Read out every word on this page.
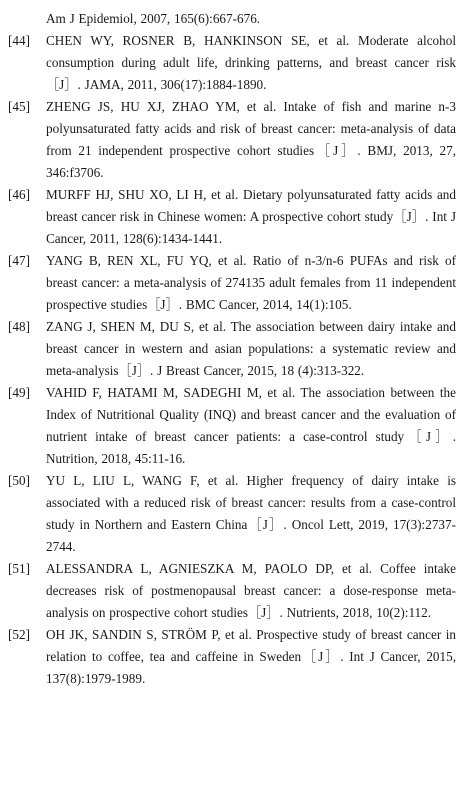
Am J Epidemiol, 2007, 165(6):667-676.
[44]	CHEN WY, ROSNER B, HANKINSON SE, et al. Moderate alcohol consumption during adult life, drinking patterns, and breast cancer risk［J］. JAMA, 2011, 306(17):1884-1890.
[45]	ZHENG JS, HU XJ, ZHAO YM, et al. Intake of fish and marine n-3 polyunsaturated fatty acids and risk of breast cancer: meta-analysis of data from 21 independent prospective cohort studies［J］. BMJ, 2013, 27, 346:f3706.
[46]	MURFF HJ, SHU XO, LI H, et al. Dietary polyunsaturated fatty acids and breast cancer risk in Chinese women: A prospective cohort study［J］. Int J Cancer, 2011, 128(6):1434-1441.
[47]	YANG B, REN XL, FU YQ, et al. Ratio of n-3/n-6 PUFAs and risk of breast cancer: a meta-analysis of 274135 adult females from 11 independent prospective studies［J］. BMC Cancer, 2014, 14(1):105.
[48]	ZANG J, SHEN M, DU S, et al. The association between dairy intake and breast cancer in western and asian populations: a systematic review and meta-analysis［J］. J Breast Cancer, 2015, 18 (4):313-322.
[49]	VAHID F, HATAMI M, SADEGHI M, et al. The association between the Index of Nutritional Quality (INQ) and breast cancer and the evaluation of nutrient intake of breast cancer patients: a case-control study［J］. Nutrition, 2018, 45:11-16.
[50]	YU L, LIU L, WANG F, et al. Higher frequency of dairy intake is associated with a reduced risk of breast cancer: results from a case-control study in Northern and Eastern China［J］. Oncol Lett, 2019, 17(3):2737-2744.
[51]	ALESSANDRA L, AGNIESZKA M, PAOLO DP, et al. Coffee intake decreases risk of postmenopausal breast cancer: a dose-response meta-analysis on prospective cohort studies［J］. Nutrients, 2018, 10(2):112.
[52]	OH JK, SANDIN S, STRÖM P, et al. Prospective study of breast cancer in relation to coffee, tea and caffeine in Sweden［J］. Int J Cancer, 2015, 137(8):1979-1989.
